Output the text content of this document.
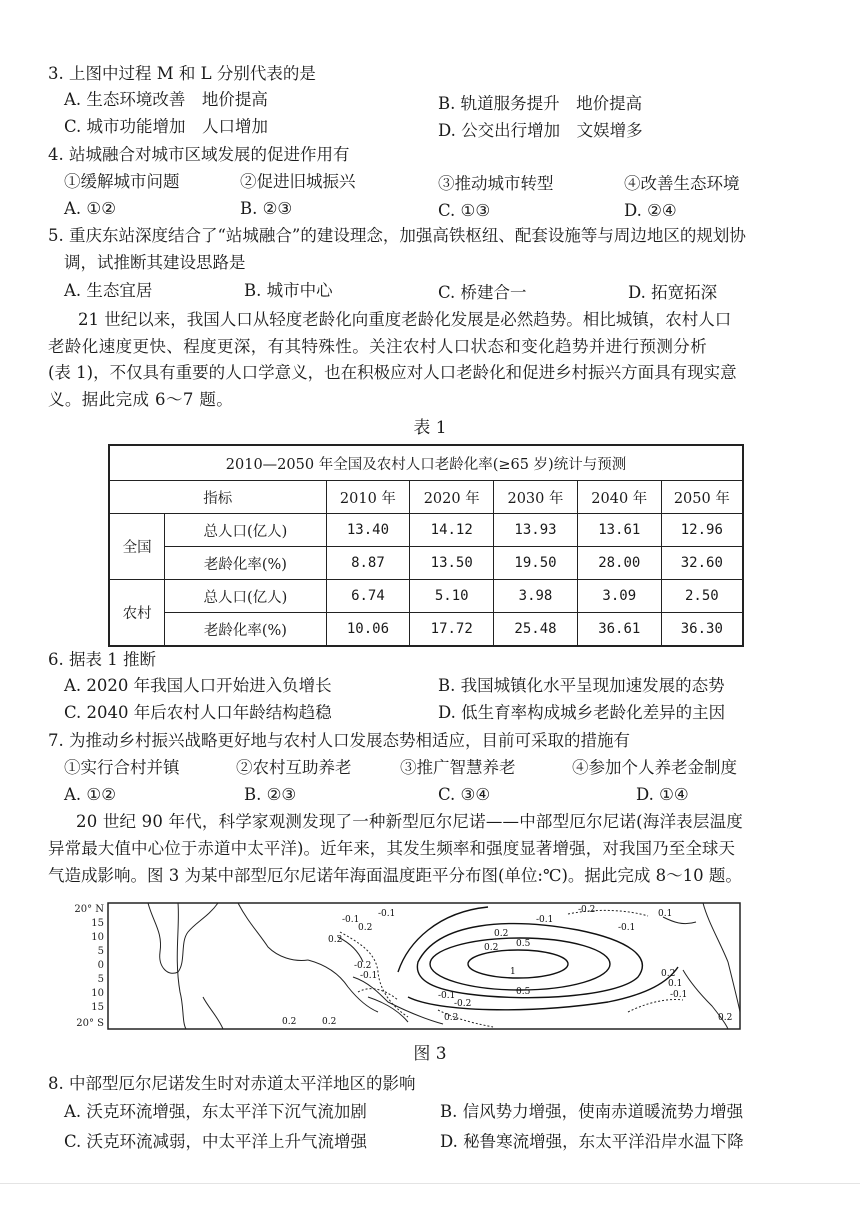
3. 上图中过程 M 和 L 分别代表的是
A. 生态环境改善　地价提高	B. 轨道服务提升　地价提高
C. 城市功能增加　人口增加	D. 公交出行增加　文娱增多
4. 站城融合对城市区域发展的促进作用有
①缓解城市问题	②促进旧城振兴	③推动城市转型	④改善生态环境
A. ①②	B. ②③	C. ①③	D. ②④
5. 重庆东站深度结合了“站城融合”的建设理念，加强高铁枢纽、配套设施等与周边地区的规划协
调，试推断其建设思路是
A. 生态宜居	B. 城市中心	C. 桥建合一	D. 拓宽拓深
21 世纪以来，我国人口从轻度老龄化向重度老龄化发展是必然趋势。相比城镇，农村人口
老龄化速度更快、程度更深，有其特殊性。关注农村人口状态和变化趋势并进行预测分析
(表 1)，不仅具有重要的人口学意义，也在积极应对人口老龄化和促进乡村振兴方面具有现实意
义。据此完成 6～7 题。
表 1
2010—2050 年全国及农村人口老龄化率(≥65 岁)统计与预测						
指标		2010 年	2020 年	2030 年	2040 年	2050 年
全国	总人口(亿人)	13.40	14.12	13.93	13.61	12.96
	老龄化率(%)	8.87	13.50	19.50	28.00	32.60
农村	总人口(亿人)	6.74	5.10	3.98	3.09	2.50
	老龄化率(%)	10.06	17.72	25.48	36.61	36.30
6. 据表 1 推断
A. 2020 年我国人口开始进入负增长	B. 我国城镇化水平呈现加速发展的态势
C. 2040 年后农村人口年龄结构趋稳	D. 低生育率构成城乡老龄化差异的主因
7. 为推动乡村振兴战略更好地与农村人口发展态势相适应，目前可采取的措施有
①实行合村并镇	②农村互助养老	③推广智慧养老	④参加个人养老金制度
A. ①②	B. ②③	C. ③④	D. ①④
20 世纪 90 年代，科学家观测发现了一种新型厄尔尼诺——中部型厄尔尼诺(海洋表层温度
异常最大值中心位于赤道中太平洋)。近年来，其发生频率和强度显著增强，对我国乃至全球天
气造成影响。图 3 为某中部型厄尔尼诺年海面温度距平分布图(单位:℃)。据此完成 8～10 题。
20° N
15
10
5
0
5
10
15
20° S
0.2
-0.1
-0.1
0.2
0.2 0.5
1
0.5
0.2
0.1
-0.1
-0.2
-0.1
-0.2
-0.1
0.2	0.2
-0.2	0.1
-0.1
0.2
-0.1
0.2
0.2
图 3
8. 中部型厄尔尼诺发生时对赤道太平洋地区的影响
A. 沃克环流增强，东太平洋下沉气流加剧	B. 信风势力增强，使南赤道暖流势力增强
C. 沃克环流减弱，中太平洋上升气流增强	D. 秘鲁寒流增强，东太平洋沿岸水温下降
